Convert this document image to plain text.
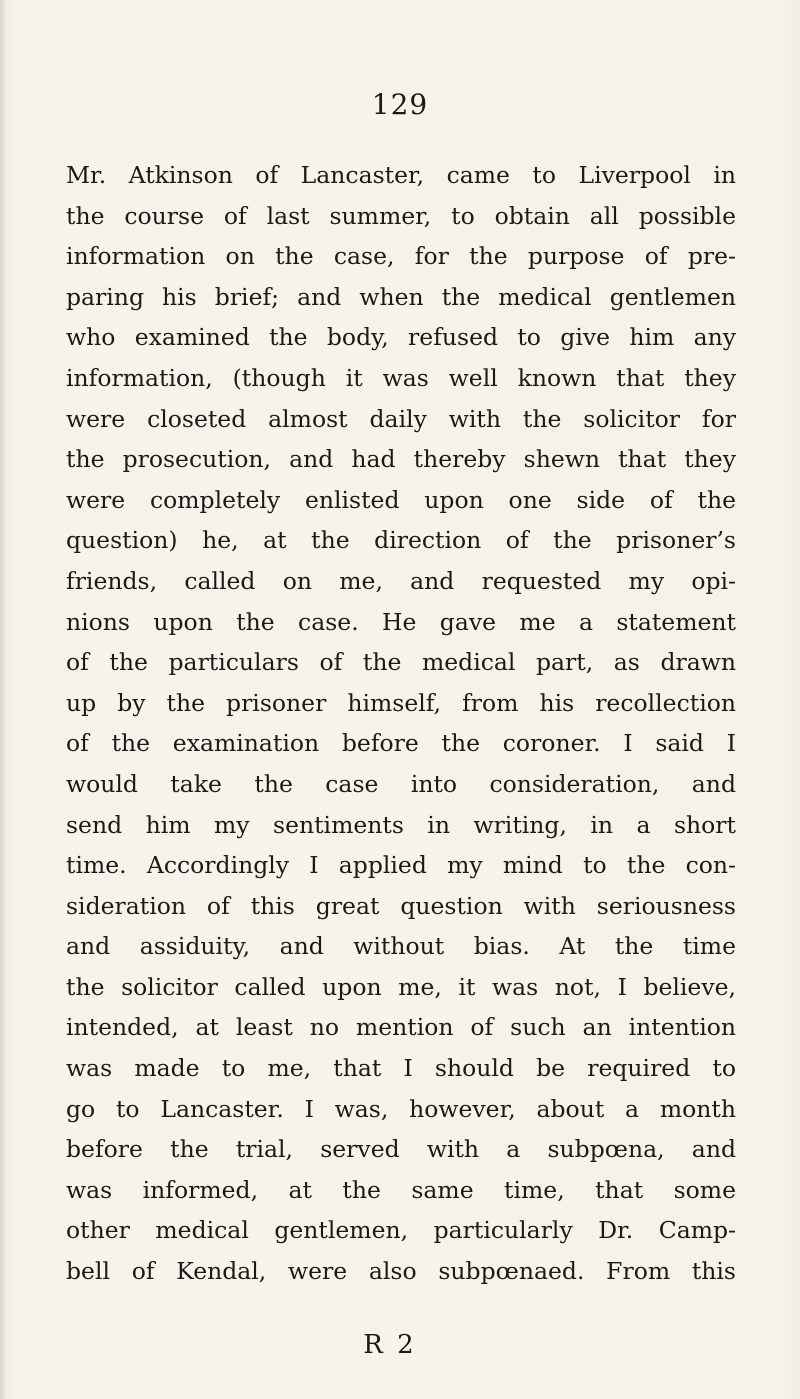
129
Mr. Atkinson of Lancaster, came to Liverpool in
the course of last summer, to obtain all possible
information on the case, for the purpose of pre-
paring his brief; and when the medical gentlemen
who examined the body, refused to give him any
information, (though it was well known that they
were closeted almost daily with the solicitor for
the prosecution, and had thereby shewn that they
were completely enlisted upon one side of the
question) he, at the direction of the prisoner’s
friends, called on me, and requested my opi-
nions upon the case. He gave me a statement
of the particulars of the medical part, as drawn
up by the prisoner himself, from his recollection
of the examination before the coroner. I said I
would take the case into consideration, and
send him my sentiments in writing, in a short
time. Accordingly I applied my mind to the con-
sideration of this great question with seriousness
and assiduity, and without bias. At the time
the solicitor called upon me, it was not, I believe,
intended, at least no mention of such an intention
was made to me, that I should be required to
go to Lancaster. I was, however, about a month
before the trial, served with a subpœna, and
was informed, at the same time, that some
other medical gentlemen, particularly Dr. Camp-
bell of Kendal, were also subpœnaed. From this
R 2
